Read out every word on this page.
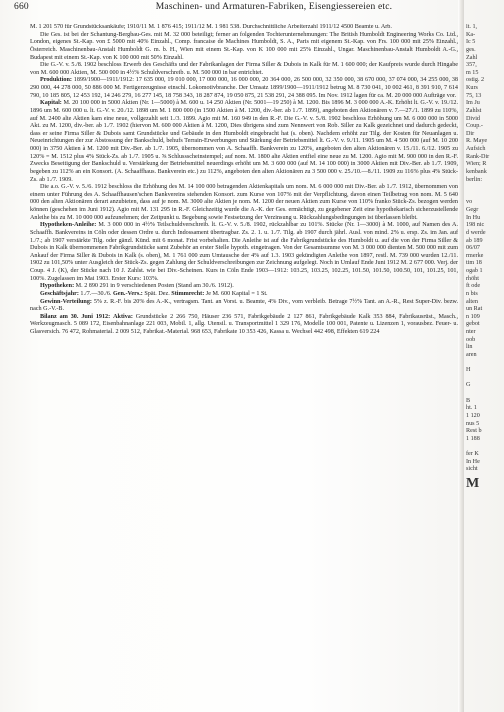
660	Maschinen- und Armaturen-Fabriken, Eisengiessereien etc.

M. 1 201 570 für Grundstücksankäufe; 1910/11 M. 1 876 415; 1911/12 M. 1 981 538. Durchschnittliche Arbeiterzahl 1911/12 4500 Beamte u. Arb.

Die Ges. ist bei der Schantung-Bergbau-Ges. mit M. 32 000 beteiligt; ferner an folgenden Tochterunternehmungen: The British Humboldt Engineering Works Co. Ltd., London, eigenes St.-Kap. von £ 5000 mit 40% Einzahl., Comp. francaise de Machines Humboldt, S. A., Paris mit eigenem St.-Kap. von Frs. 100 000 mit 25% Einzahl., Österreich. Maschinenbau-Anstalt Humboldt G. m. b. H., Wien mit einem St.-Kap. von K 100 000 mit 25% Einzahl., Ungar. Maschinenbau-Anstalt Humboldt A.-G., Budapest mit einem St.-Kap. von K 100 000 mit 50% Einzahl.

Die G.-V. v. 5./8. 1902 beschloss Erwerb des Geschäfts und der Fabrikanlagen der Firma Siller & Dubois in Kalk für M. 1 600 000; der Kaufpreis wurde durch Hingabe von M. 600 000 Aktien, M. 500 000 in 4½% Schuldverschreib. u. M. 500 000 in bar entrichtet.

Produktion: 1899/1900—1911/1912: 17 635 000, 19 010 000, 17 000 000, 16 000 000, 20 364 000, 26 500 000, 32 350 000, 38 670 000, 37 074 000, 34 255 000, 38 290 000, 44 278 000, 50 886 000 M. Fertigerzeugnisse einschl. Lokomotivbranche. Der Umsatz 1899/1900—1911/1912 betrug M. 8 730 041, 10 002 461, 8 391 910, 7 614 790, 10 185 805, 12 453 192, 14 246 279, 16 277 145, 18 758 343, 18 287 874, 19 050 875, 21 538 291, 24 388 095. Im Nov. 1912 lagen für ca. M. 20 000 000 Aufträge vor.

Kapital: M. 20 100 000 in 5000 Aktien (Nr. 1—5000) à M. 600 u. 14 250 Aktien (Nr. 5001—19 250) à M. 1200. Bis 1896 M. 3 000 000 A.-K. Erhöht lt. G.-V. v. 19./12. 1896 um M. 600 000 u. lt. G.-V. v. 20./12. 1898 um M. 1 800 000 (in 1500 Aktien à M. 1200, div.-ber. ab 1./7. 1899), angeboten den Aktionären v. 7.—27./1. 1899 zu 110%, auf M. 2400 alte Aktien kam eine neue, vollgezahlt seit 1./3. 1899. Agio mit M. 160 949 in den R.-F. Die G.-V. v. 5./8. 1902 beschloss Erhöhung um M. 6 000 000 in 5000 Akt. zu M. 1200, div.-ber. ab 1./7. 1902 (hiervon M. 600 000 Aktien à M. 1200, Dies übrigens sind zum Nennwert von Rob. Siller zu Kalk gezeichnet und dadurch gedeckt, dass er seine Firma Siller & Dubois samt Grundstücke und Gebäude in den Humboldt eingebracht hat (s. oben). Nachdem erhöht zur Tilg. der Kosten für Neuanlagen u. Neueinrichtungen der zur Abstossung der Bankschuld, behufs Terrain-Erwerbungen und Stärkung der Betriebsmittel lt. G.-V. v. 9./11. 1905 um M. 4 500 000 (auf M. 10 200 000) in 3750 Aktien à M. 1200 mit Div.-Ber. ab 1./7. 1905, übernommen von A. Schaaffh. Bankverein zu 120%, angeboten den alten Aktionären v. 15./11. 6./12. 1905 zu 120% = M. 1512 plus 4% Stück-Zs. ab 1./7. 1905 u. ⅝ Schlussscheinstempel; auf nom. M. 1800 alte Aktien entfiel eine neue zu M. 1200. Agio mit M. 900 000 in den R.-F. Zwecks Beseitigung der Bankschuld u. Verstärkung der Betriebsmittel neuerdings erhöht um M. 3 600 000 (auf M. 14 100 000) in 3000 Aktien mit Div.-Ber. ab 1./7. 1909, begeben zu 112% an ein Konsort. (A. Schaaffhaus. Bankverein etc.) zu 112%, angeboten den alten Aktionären zu 3 500 000 v. 25./10.—8./11. 1909 zu 116% plus 4% Stück-Zs. ab 1./7. 1909.

Die a.o. G.-V. v. 5./6. 1912 beschloss die Erhöhung des M. 14 100 000 betragenden Aktienkapitals um nom. M. 6 000 000 mit Div.-Ber. ab 1./7. 1912, übernommen von einem unter Führung des A. Schaaffhausen'schen Bankvereins stehenden Konsort. zum Kurse von 107% mit der Verpflichtung, davon einen Teilbetrag von nom. M. 5 640 000 den alten Aktionären derart anzubieten, dass auf je nom. M. 3000 alte Aktien je nom. M. 1200 der neuen Aktien zum Kurse von 110% franko Stück-Zs. bezogen werden können (geschehen im Juni 1912). Agio mit M. 131 295 in R.-F. Gleichzeitig wurde die A.-K. der Ges. ermächtigt, zu gegebener Zeit eine hypothekarisch sicherzustellende Anleihe bis zu M. 10 000 000 aufzunehmen; der Zeitpunkt u. Begebung sowie Festsetzung der Verzinsung u. Rückzahlungsbedingungen ist überlassen bleibt.

Hypotheken-Anleihe: M. 3 000 000 in 4½% Teilschuldverschreib. lt. G.-V. v. 5./8. 1902, rückzahlbar zu 101%. Stücke (Nr. 1—3000) à M. 1000, auf Namen des A. Schaaffh. Bankvereins in Cöln oder dessen Ordre u. durch Indossament übertragbar. Zs. 2. 1. u. 1./7. Tilg. ab 1907 durch jährl. Ausl. von mind. 2% u. ersp. Zs. im Jan. auf 1./7.; ab 1907 verstärkte Tilg. oder gänzl. Künd. mit 6 monat. Frist vorbehalten. Die Anleihe ist auf die Fabrikgrundstücke des Humboldt u. auf die von der Firma Siller & Dubois in Kalk übernommenen Fabrikgrundstücke samt Zubehör an erster Stelle hypoth. eingetragen. Von der Gesamtsumme von M. 3 000 000 dienten M. 500 000 mit zum Ankauf der Firma Siller & Dubois in Kalk (s. oben), M. 1 761 000 zum Umtausche der 4% auf 1.3. 1903 gekündigten Anleihe von 1897, restl. M. 739 000 wurden 12./11. 1902 zu 101,50% unter Ausgleich der Stück-Zs. gegen Zahlung der Schuldverschreibungen zur Zeichnung aufgelegt. Noch in Umlauf Ende Juni 1912 M. 2 677 000. Verj. der Coup. 4 J. (K), der Stücke nach 10 J. Zahlst. wie bei Div.-Scheinen. Kurs in Cöln Ende 1903—1912: 103.25, 103.25, 102.25, 101.50, 101.50, 100.50, 101, 101.25, 101, 100%. Zugelassen im Mai 1903. Erster Kurs: 103%.

Hypotheken: M. 2 890 291 in 9 verschiedenen Posten (Stand am 30./6. 1912).

Geschäftsjahr: 1./7.—30./6. Gen.-Vers.: Spät. Dez. Stimmrecht: Je M. 600 Kapital = 1 St.

Gewinn-Verteilung: 5% z. R.-F. bis 20% des A.-K., vertragsm. Tant. an Vorst. u. Beamte, 4% Div., vom verbleib. Betrage 7½% Tant. an A.-R., Rest Super-Div. bezw. nach G.-V.-B.

Bilanz am 30. Juni 1912: Aktiva: Grundstücke 2 266 750, Häuser 236 571, Fabrikgebäude 2 127 861, Fabrikgebäude Kalk 353 884, Fabrikausrüst., Masch., Werkzeugmasch. 5 089 172, Eisenbahnanlage 221 003, Mobil. 1, allg. Utensil. u. Transportmittel 1 329 176, Modelle 100 001, Patente u. Lizenzen 1, vorausbez. Feuer- u. Glasversich. 76 472, Rohmaterial. 2 009 512, Fabrikat.-Material. 968 653, Fabrikate 10 353 426, Kassa u. Wechsel 442 498, Effekten 619 224

lt. 1,
Ka-
Ic 5
ges.
Zahl
357,
m 15
ostig. 2
Kurs
75, 13
Im Ju
Zahlst
Divid
Coup.-
Dir
R. Maye
Aufsich
Rank-Dir
Wien; R
kenbank
berlin:

vo
Gegr
In Hu
198 nic
d werde
ab 189
06/07
rmerke
tim 18
ogab 1
rhöht
ft ode
n bis
alten
un Rat
n 109
gebot
nter
oob
lin
aren

H

G

B
ht. 1
1 120
nus 5
Rest b
1 188

fer K
In He
sicht
M
